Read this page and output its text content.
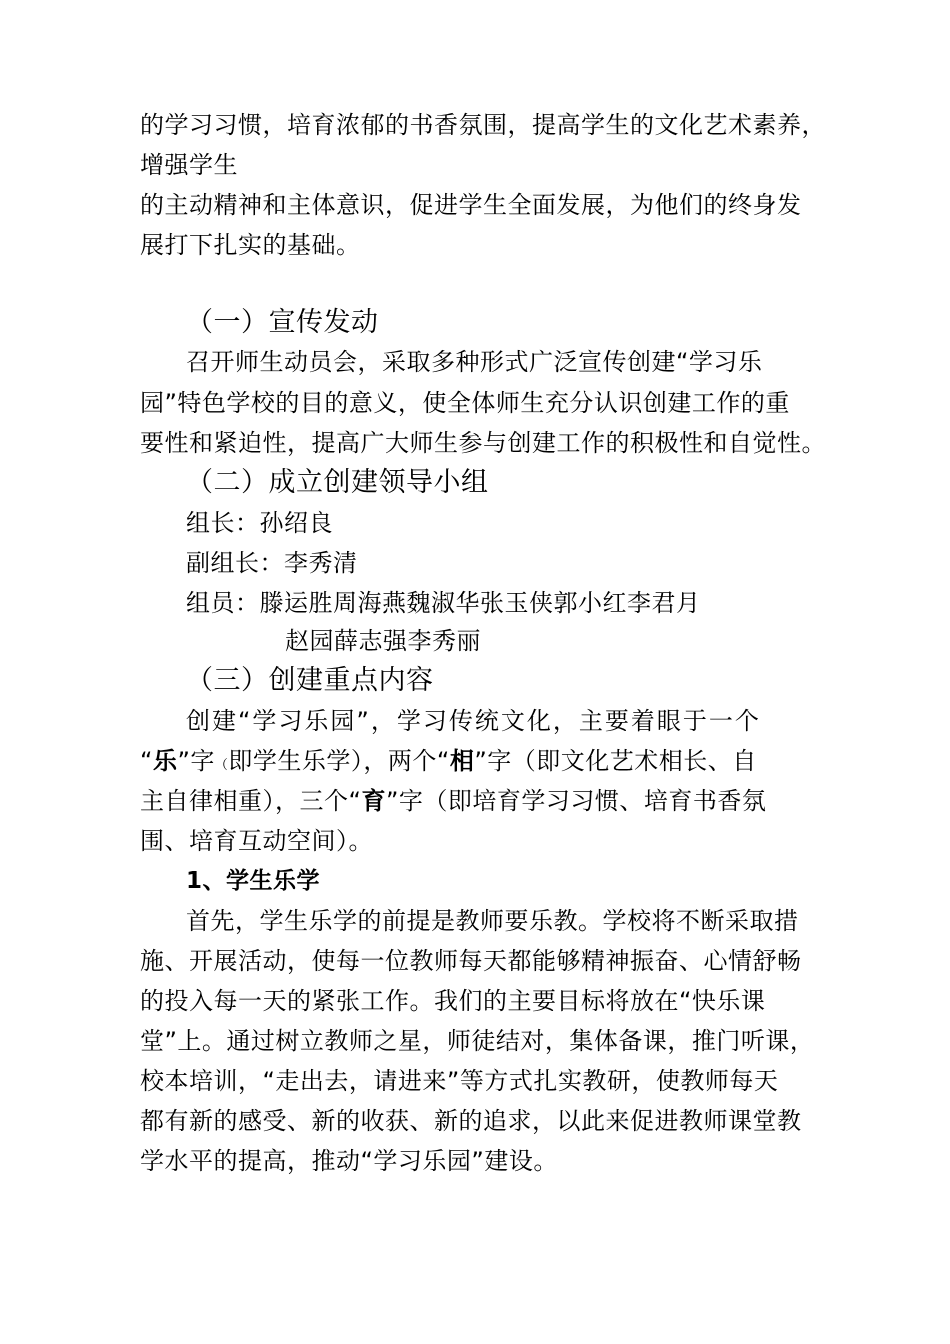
的学习习惯，培育浓郁的书香氛围，提高学生的文化艺术素养，
增强学生
的主动精神和主体意识，促进学生全面发展，为他们的终身发
展打下扎实的基础。
（一）宣传发动
召开师生动员会，采取多种形式广泛宣传创建“学习乐
园”特色学校的目的意义，使全体师生充分认识创建工作的重
要性和紧迫性，提高广大师生参与创建工作的积极性和自觉性。
（二）成立创建领导小组
组长：孙绍良
副组长：李秀清
组员：滕运胜周海燕魏淑华张玉侠郭小红李君月
赵园薛志强李秀丽
（三）创建重点内容
创建“学习乐园”，学习传统文化，主要着眼于一个
“乐”字（即学生乐学），两个“相”字（即文化艺术相长、自
主自律相重），三个“育”字（即培育学习习惯、培育书香氛
围、培育互动空间）。
1、学生乐学
首先，学生乐学的前提是教师要乐教。学校将不断采取措
施、开展活动，使每一位教师每天都能够精神振奋、心情舒畅
的投入每一天的紧张工作。我们的主要目标将放在“快乐课
堂”上。通过树立教师之星，师徒结对，集体备课，推门听课，
校本培训，“走出去，请进来”等方式扎实教研，使教师每天
都有新的感受、新的收获、新的追求，以此来促进教师课堂教
学水平的提高，推动“学习乐园”建设。
